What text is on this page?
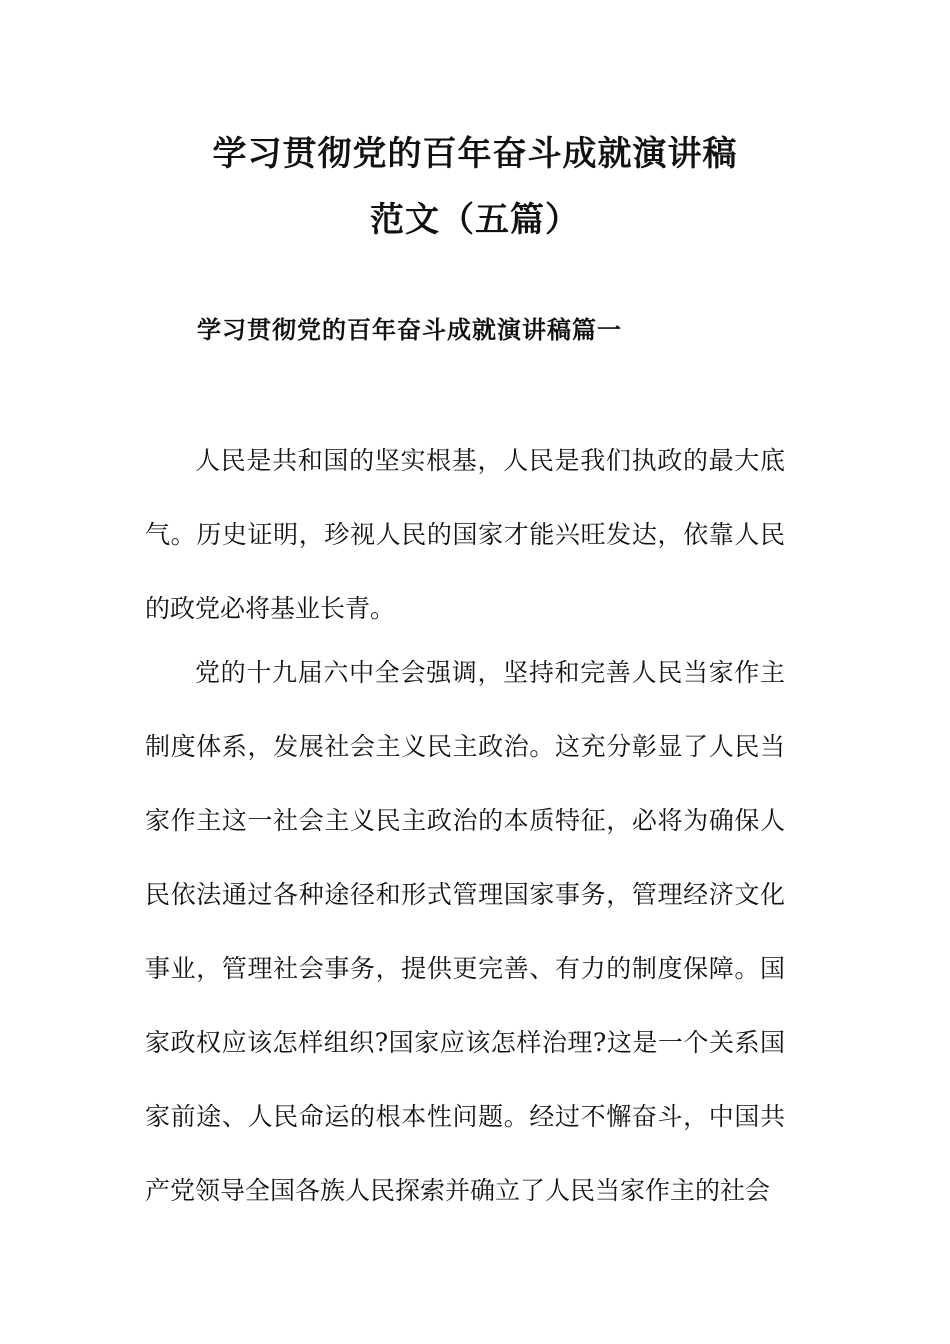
学习贯彻党的百年奋斗成就演讲稿
范文（五篇）
学习贯彻党的百年奋斗成就演讲稿篇一

人民是共和国的坚实根基，人民是我们执政的最大底气。历史证明，珍视人民的国家才能兴旺发达，依靠人民的政党必将基业长青。

党的十九届六中全会强调，坚持和完善人民当家作主制度体系，发展社会主义民主政治。这充分彰显了人民当家作主这一社会主义民主政治的本质特征，必将为确保人民依法通过各种途径和形式管理国家事务，管理经济文化事业，管理社会事务，提供更完善、有力的制度保障。国家政权应该怎样组织?国家应该怎样治理?这是一个关系国家前途、人民命运的根本性问题。经过不懈奋斗，中国共产党领导全国各族人民探索并确立了人民当家作主的社会
